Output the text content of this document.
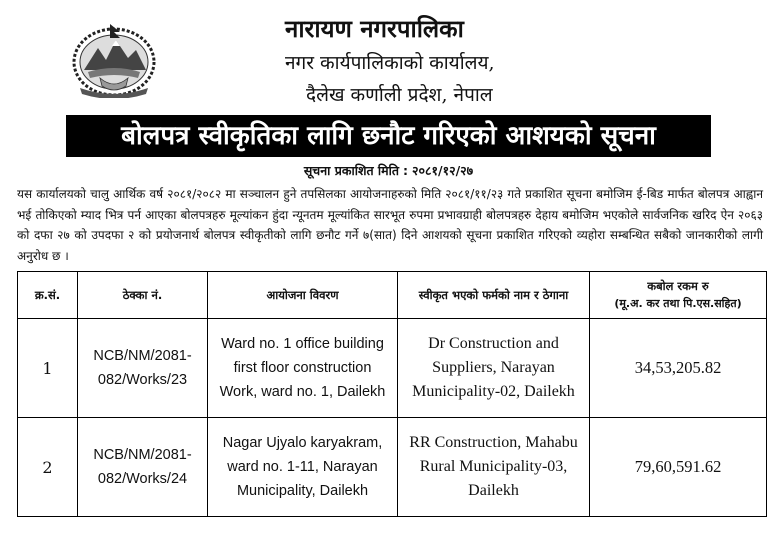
नारायण नगरपालिका
नगर कार्यपालिकाको कार्यालय,
दैलेख कर्णाली प्रदेश, नेपाल
बोलपत्र स्वीकृतिका लागि छनौट गरिएको आशयको सूचना
सूचना प्रकाशित मिति : २०८१/१२/२७
यस कार्यालयको चालु आर्थिक वर्ष २०८१/२०८२ मा सञ्चालन हुने तपसिलका आयोजनाहरुको मिति २०८१/११/२३ गते प्रकाशित सूचना बमोजिम ई-बिड मार्फत बोलपत्र आह्वान भई तोकिएको म्याद भित्र पर्न आएका बोलपत्रहरु मूल्यांकन हुंदा न्यूनतम मूल्यांकित सारभूत रुपमा प्रभावग्राही बोलपत्रहरु देहाय बमोजिम भएकोले सार्वजनिक खरिद ऐन २०६३ को दफा २७ को उपदफा २ को प्रयोजनार्थ बोलपत्र स्वीकृतीको लागि छनौट गर्ने ७(सात) दिने आशयको सूचना प्रकाशित गरिएको व्यहोरा सम्बन्धित सबैको जानकारीको लागी अनुरोध छ ।
क्र.सं.	ठेक्का नं.	आयोजना विवरण	स्वीकृत भएको फर्मको नाम र ठेगाना	कबोल रकम रु
(मू.अ. कर तथा पि.एस.सहित)

1	NCB/NM/2081-082/Works/23	Ward no. 1 office building first floor construction Work, ward no. 1, Dailekh	Dr Construction and Suppliers, Narayan Municipality-02, Dailekh	34,53,205.82
2	NCB/NM/2081-082/Works/24	Nagar Ujyalo karyakram, ward no. 1-11, Narayan Municipality, Dailekh	RR Construction, Mahabu Rural Municipality-03, Dailekh	79,60,591.62
